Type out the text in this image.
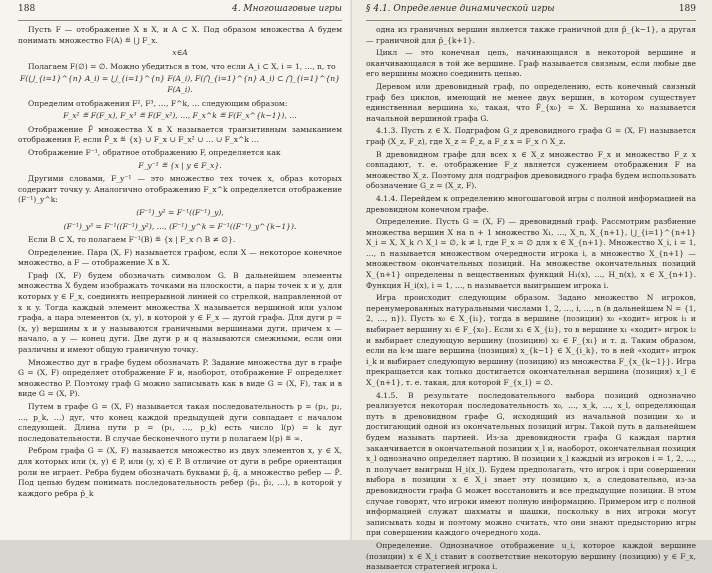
188	4. Многошаговые игры

Пусть F — отображение X в X, и A ⊂ X. Под образом множества A будем понимать множество F(A) ≝ ⋃ F_x.

x∈A

Полагаем F(∅) = ∅. Можно убедиться в том, что если A_i ⊂ X, i = 1, …, n, то

F(⋃_{i=1}^{n} A_i) = ⋃_{i=1}^{n} F(A_i), F(⋂_{i=1}^{n} A_i) ⊂ ⋂_{i=1}^{n} F(A_i).

Определим отображения F², F³, …, F^k, … следующим образом:

F_x² ≝ F(F_x), F_x³ ≝ F(F_x²), …, F_x^k ≝ F(F_x^{k−1}), …

Отображение F̂ множества X в X называется транзитивным замыканием отображения F, если F̂_x ≝ {x} ∪ F_x ∪ F_x² ∪ … ∪ F_x^k …

Отображение F⁻¹, обратное отображению F, определяется как

F_y⁻¹ ≝ {x | y ∈ F_x}.

Другими словами, F_y⁻¹ — это множество тех точек x, образ которых содержит точку y. Аналогично отображению F_x^k определяется отображение (F⁻¹)_y^k:

(F⁻¹)_y² = F⁻¹((F⁻¹)_y),

(F⁻¹)_y³ = F⁻¹((F⁻¹)_y²), …, (F⁻¹)_y^k = F⁻¹((F⁻¹)_y^{k−1}).

Если B ⊂ X, то полагаем F⁻¹(B) ≝ {x | F_x ∩ B ≠ ∅}.

Определение. Пара (X, F) называется графом, если X — некоторое конечное множество, а F — отображение X в X.

Граф (X, F) будем обозначать символом G. В дальнейшем элементы множества X будем изображать точками на плоскости, а пары точек x и y, для которых y ∈ F_x, соединять непрерывной линией со стрелкой, направленной от x к y. Тогда каждый элемент множества X называется вершиной или узлом графа, а пара элементов (x, y), в которой y ∈ F_x — дугой графа. Для дуги p = (x, y) вершины x и y называются граничными вершинами дуги, причем x — начало, а y — конец дуги. Две дуги p и q называются смежными, если они различны и имеют общую граничную точку.

Множество дуг в графе будем обозначать P. Задание множества дуг в графе G = (X, F) определяет отображение F и, наоборот, отображение F определяет множество P. Поэтому граф G можно записывать как в виде G = (X, F), так и в виде G = (X, P).

Путем в графе G = (X, F) называется такая последовательность p = (p₁, p₂, …, p_k, …) дуг, что конец каждой предыдущей дуги совпадает с началом следующей. Длина пути p = (p₁, …, p_k) есть число l(p) = k дуг последовательности. В случае бесконечного пути p полагаем l(p) ≝ ∞.

Ребром графа G = (X, F) называется множество из двух элементов x, y ∈ X, для которых или (x, y) ∈ P, или (y, x) ∈ P. В отличие от дуги в ребре ориентация роли не играет. Ребра будем обозначать буквами p̄, q̄, а множество ребер — P̄. Под цепью будем понимать последовательность ребер (p̄₁, p̄₂, …), в которой у каждого ребра p̄_k

§ 4.1. Определение динамической игры	189

одна из граничных вершин является также граничной для p̄_{k−1}, а другая — граничной для p̄_{k+1}.

Цикл — это конечная цепь, начинающаяся в некоторой вершине и оканчивающаяся в той же вершине. Граф называется связным, если любые две его вершины можно соединить цепью.

Деревом или древовидный граф, по определению, есть конечный связный граф без циклов, имеющий не менее двух вершин, в котором существует единственная вершина x₀, такая, что F̂_{x₀} = X. Вершина x₀ называется начальной вершиной графа G.

4.1.3. Пусть z ∈ X. Подграфом G_z древовидного графа G = (X, F) называется граф (X_z, F_z), где X_z = F̂_z, а F_z x = F_x ∩ X_z.

В древовидном графе для всех x ∈ X_z множество F_x и множество F_z x совпадают, т. е. отображение F_z является сужением отображения F на множество X_z. Поэтому для подграфов древовидного графа будем использовать обозначение G_z = (X_z, F).

4.1.4. Перейдем к определению многошаговой игры с полной информацией на древовидном конечном графе.

Определение. Пусть G = (X, F) — древовидный граф. Рассмотрим разбиение множества вершин X на n + 1 множество X₁, …, X_n, X_{n+1}, ⋃_{i=1}^{n+1} X_i = X, X_k ∩ X_l = ∅, k ≠ l, где F_x = ∅ для x ∈ X_{n+1}. Множество X_i, i = 1, …, n называется множеством очередности игрока i, а множество X_{n+1} — множеством окончательных позиций. На множестве окончательных позиций X_{n+1} определены n вещественных функций H₁(x), …, H_n(x), x ∈ X_{n+1}. Функция H_i(x), i = 1, …, n называется выигрышем игрока i.

Игра происходит следующим образом. Задано множество N игроков, перенумерованных натуральными числами 1, 2, …, i, …, n (в дальнейшем N = {1, 2, …, n}). Пусть x₀ ∈ X_{i₁}, тогда в вершине (позиции) x₀ «ходит» игрок i₁ и выбирает вершину x₁ ∈ F_{x₀}. Если x₁ ∈ X_{i₂}, то в вершине x₁ «ходит» игрок i₂ и выбирает следующую вершину (позицию) x₂ ∈ F_{x₁} и т. д. Таким образом, если на k-м шаге вершина (позиция) x_{k−1} ∈ X_{i_k}, то в ней «ходит» игрок i_k и выбирает следующую вершину (позицию) из множества F_{x_{k−1}}. Игра прекращается как только достигается окончательная вершина (позиция) x_l ∈ X_{n+1}, т. е. такая, для которой F_{x_l} = ∅.

4.1.5. В результате последовательного выбора позиций однозначно реализуется некоторая последовательность x₀, …, x_k, …, x_l, определяющая путь в древовидном графе G, исходящий из начальной позиции x₀ и достигающий одной из окончательных позиций игры. Такой путь в дальнейшем будем называть партией. Из-за древовидности графа G каждая партия заканчивается в окончательной позиции x_l и, наоборот, окончательная позиция x_l однозначно определяет партию. В позиции x_l каждый из игроков i = 1, 2, …, n получает выигрыш H_i(x_l). Будем предполагать, что игрок i при совершении выбора в позиции x ∈ X_i знает эту позицию x, а следовательно, из-за древовидности графа G может восстановить и все предыдущие позиции. В этом случае говорят, что игроки имеют полную информацию. Примером игр с полной информацией служат шахматы и шашки, поскольку в них игроки могут записывать ходы и поэтому можно считать, что они знают предысторию игры при совершении каждого очередного хода.

Определение. Однозначное отображение u_i, которое каждой вершине (позиции) x ∈ X_i ставит в соответствие некоторую вершину (позицию) y ∈ F_x, называется стратегией игрока i.
